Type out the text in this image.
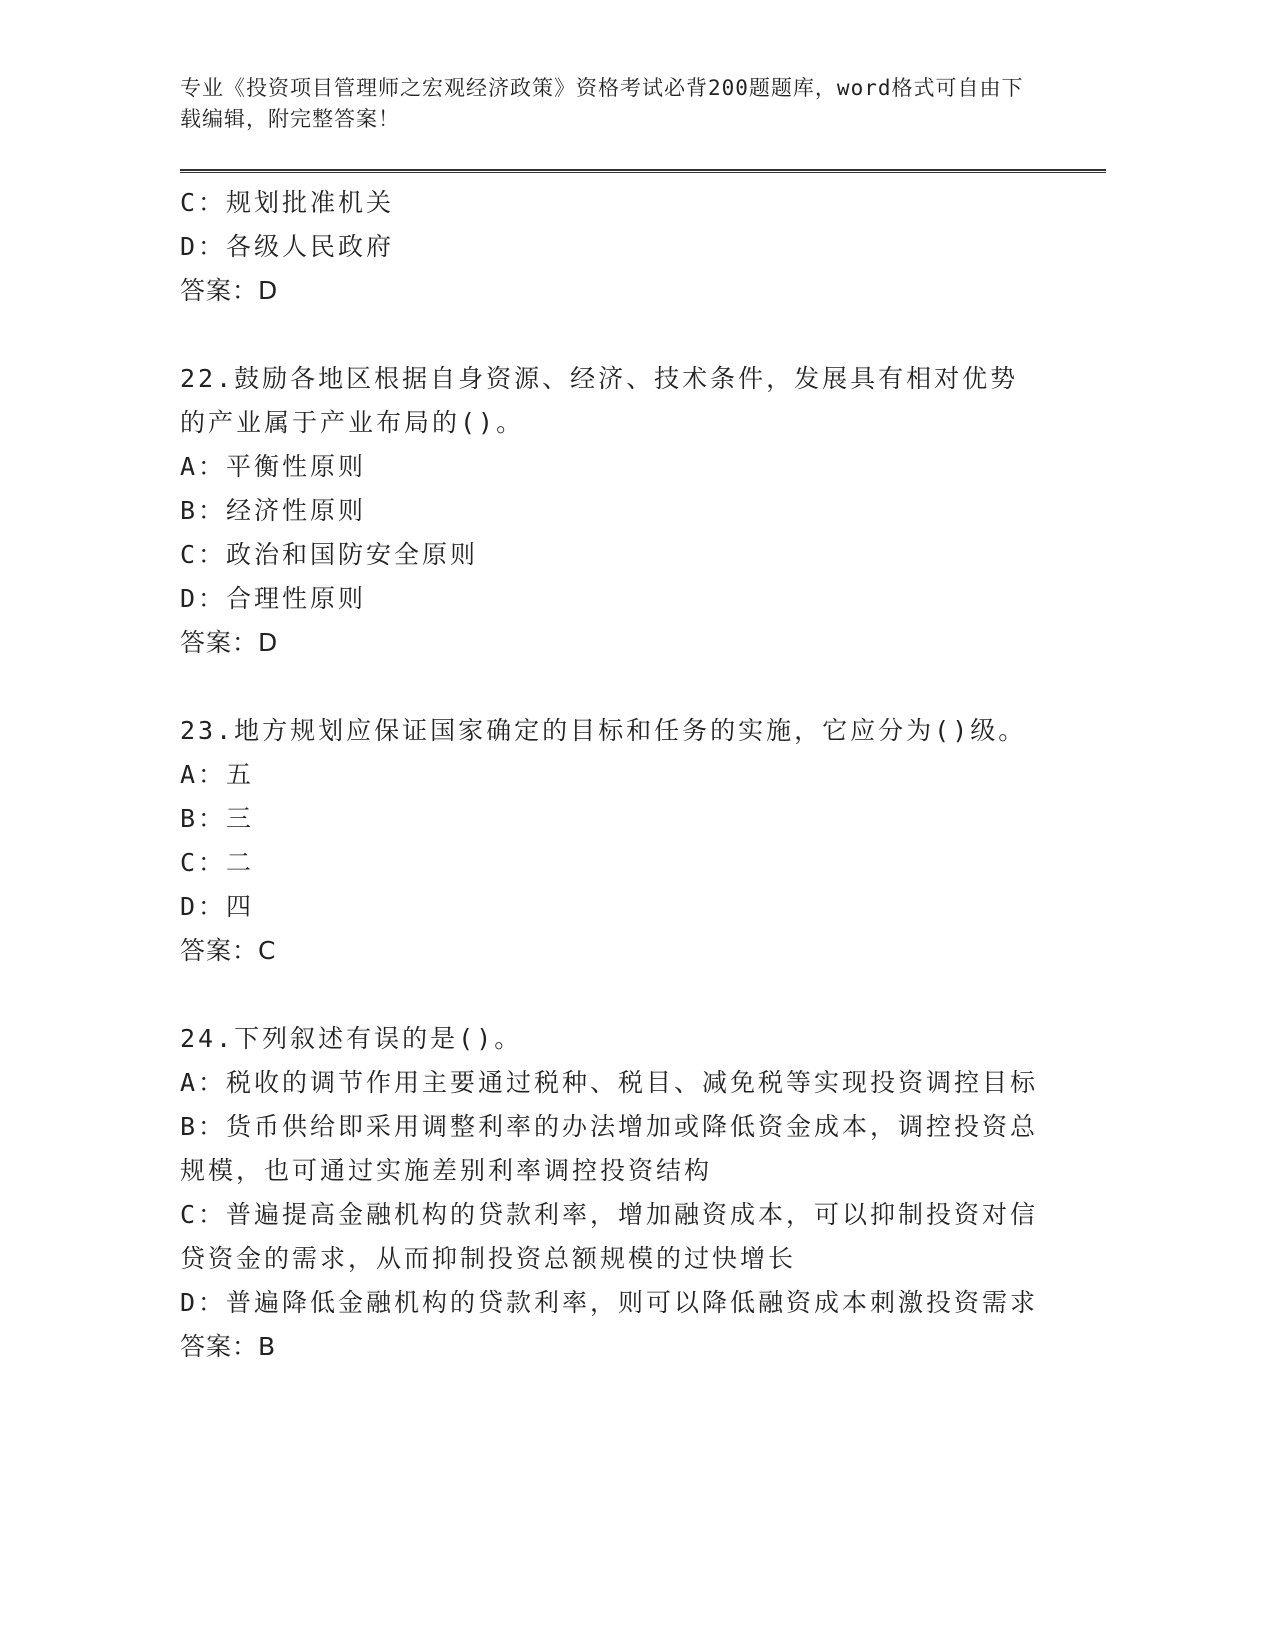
专业《投资项目管理师之宏观经济政策》资格考试必背200题题库，word格式可自由下载编辑，附完整答案！
C：规划批准机关
D：各级人民政府
答案：D
22.鼓励各地区根据自身资源、经济、技术条件，发展具有相对优势的产业属于产业布局的()。
A：平衡性原则
B：经济性原则
C：政治和国防安全原则
D：合理性原则
答案：D
23.地方规划应保证国家确定的目标和任务的实施，它应分为()级。
A：五
B：三
C：二
D：四
答案：C
24.下列叙述有误的是()。
A：税收的调节作用主要通过税种、税目、减免税等实现投资调控目标
B：货币供给即采用调整利率的办法增加或降低资金成本，调控投资总规模，也可通过实施差别利率调控投资结构
C：普遍提高金融机构的贷款利率，增加融资成本，可以抑制投资对信贷资金的需求，从而抑制投资总额规模的过快增长
D：普遍降低金融机构的贷款利率，则可以降低融资成本刺激投资需求
答案：B
